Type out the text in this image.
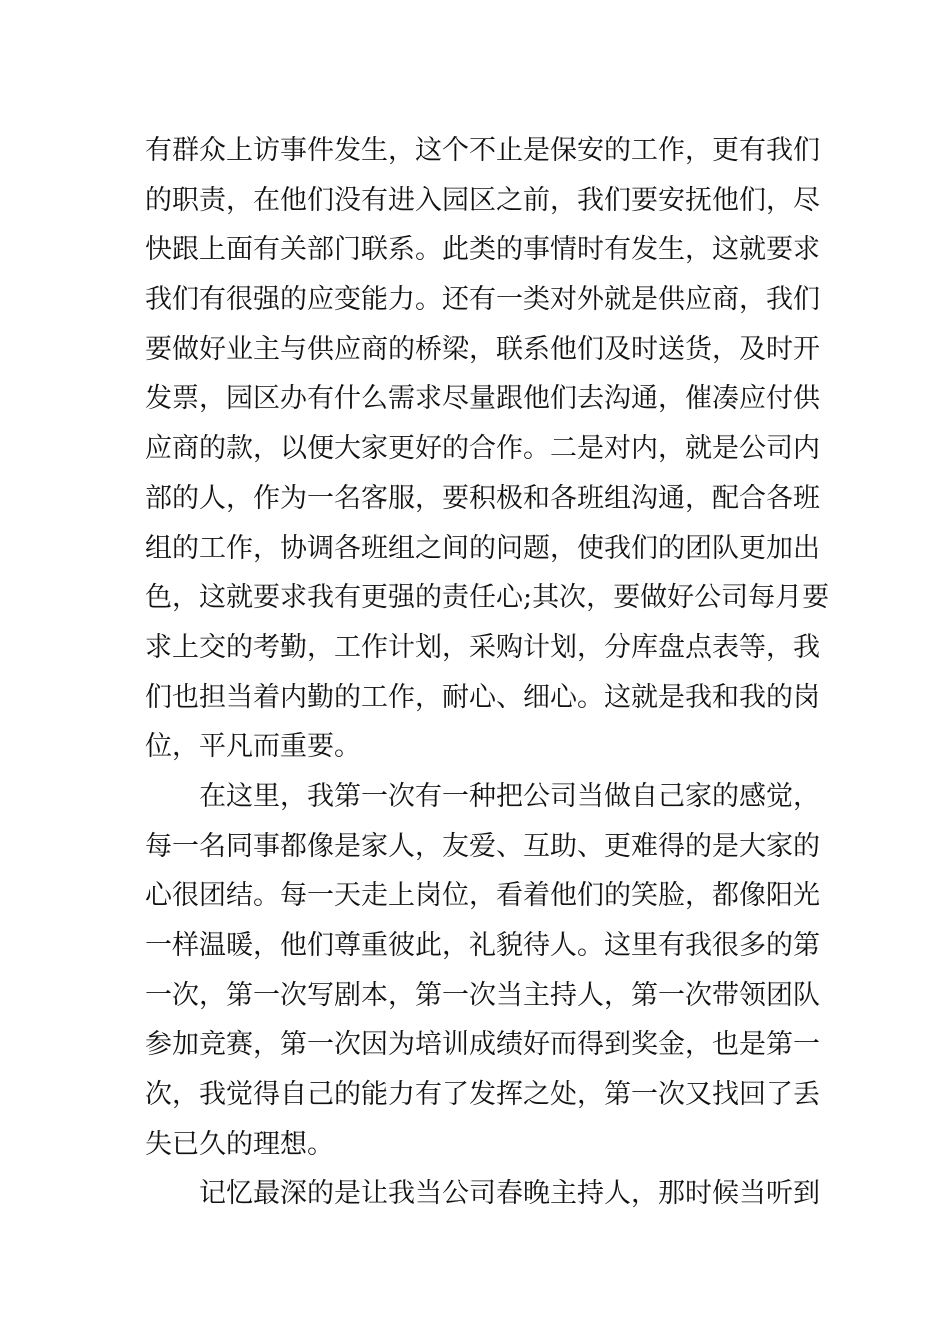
有群众上访事件发生，这个不止是保安的工作，更有我们
的职责，在他们没有进入园区之前，我们要安抚他们，尽
快跟上面有关部门联系。此类的事情时有发生，这就要求
我们有很强的应变能力。还有一类对外就是供应商，我们
要做好业主与供应商的桥梁，联系他们及时送货，及时开
发票，园区办有什么需求尽量跟他们去沟通，催凑应付供
应商的款，以便大家更好的合作。二是对内，就是公司内
部的人，作为一名客服，要积极和各班组沟通，配合各班
组的工作，协调各班组之间的问题，使我们的团队更加出
色，这就要求我有更强的责任心;其次，要做好公司每月要
求上交的考勤，工作计划，采购计划，分库盘点表等，我
们也担当着内勤的工作，耐心、细心。这就是我和我的岗
位，平凡而重要。
在这里，我第一次有一种把公司当做自己家的感觉，
每一名同事都像是家人，友爱、互助、更难得的是大家的
心很团结。每一天走上岗位，看着他们的笑脸，都像阳光
一样温暖，他们尊重彼此，礼貌待人。这里有我很多的第
一次，第一次写剧本，第一次当主持人，第一次带领团队
参加竞赛，第一次因为培训成绩好而得到奖金，也是第一
次，我觉得自己的能力有了发挥之处，第一次又找回了丢
失已久的理想。
记忆最深的是让我当公司春晚主持人，那时候当听到
